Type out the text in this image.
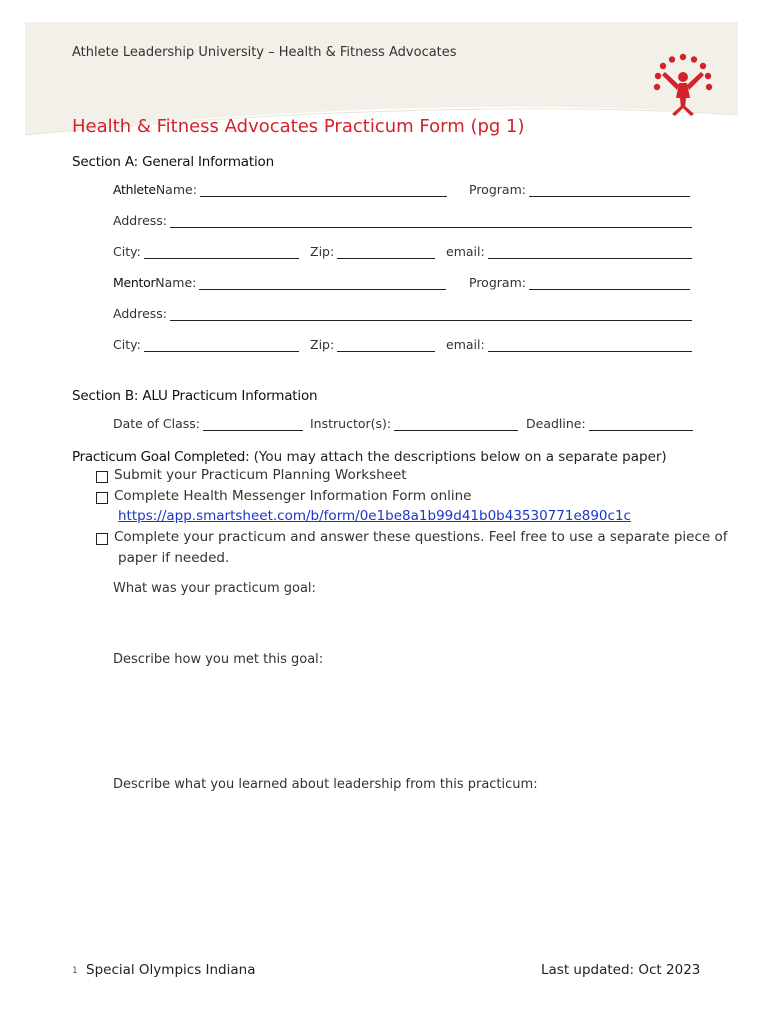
Athlete Leadership University – Health & Fitness Advocates
Health & Fitness Advocates Practicum Form (pg 1)
Section A: General Information
Athlete Name:	Program:
Address:
City:	Zip:	email:
Mentor Name:	Program:
Address:
City:	Zip:	email:
Section B: ALU Practicum Information
Date of Class:	Instructor(s):	Deadline:
Practicum Goal Completed: (You may attach the descriptions below on a separate paper)
Submit your Practicum Planning Worksheet
Complete Health Messenger Information Form online
https://app.smartsheet.com/b/form/0e1be8a1b99d41b0b43530771e890c1c
Complete your practicum and answer these questions. Feel free to use a separate piece of
paper if needed.
What was your practicum goal:
Describe how you met this goal:
Describe what you learned about leadership from this practicum:
1 Special Olympics Indiana	Last updated: Oct 2023
